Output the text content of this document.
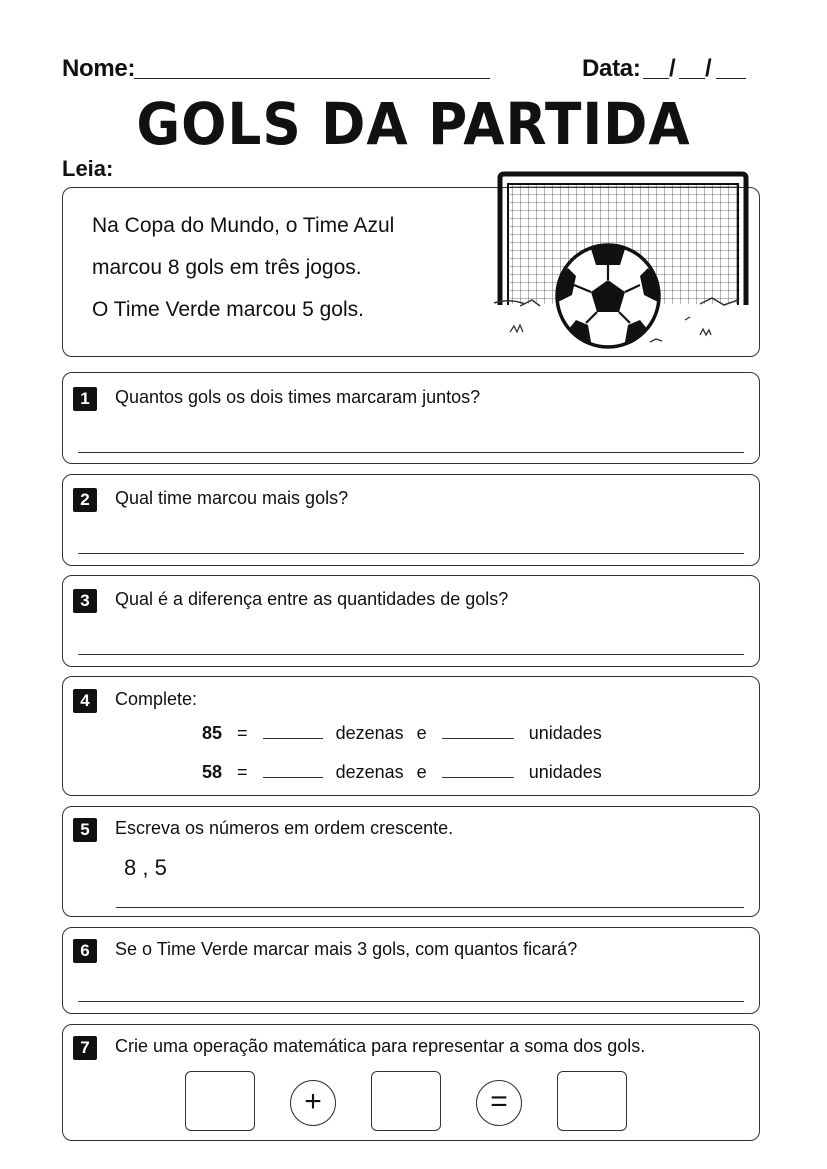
Nome:	Data: / /
GOLS DA PARTIDA
Leia:
Na Copa do Mundo, o Time Azul
marcou 8 gols em três jogos.
O Time Verde marcou 5 gols.
1	Quantos gols os dois times marcaram juntos?
2	Qual time marcou mais gols?
3	Qual é a diferença entre as quantidades de gols?
4	Complete:
85 =	dezenas e	unidades
58 =	dezenas e	unidades
5	Escreva os números em ordem crescente.
8 , 5
6	Se o Time Verde marcar mais 3 gols, com quantos ficará?
7	Crie uma operação matemática para representar a soma dos gols.
+	=
